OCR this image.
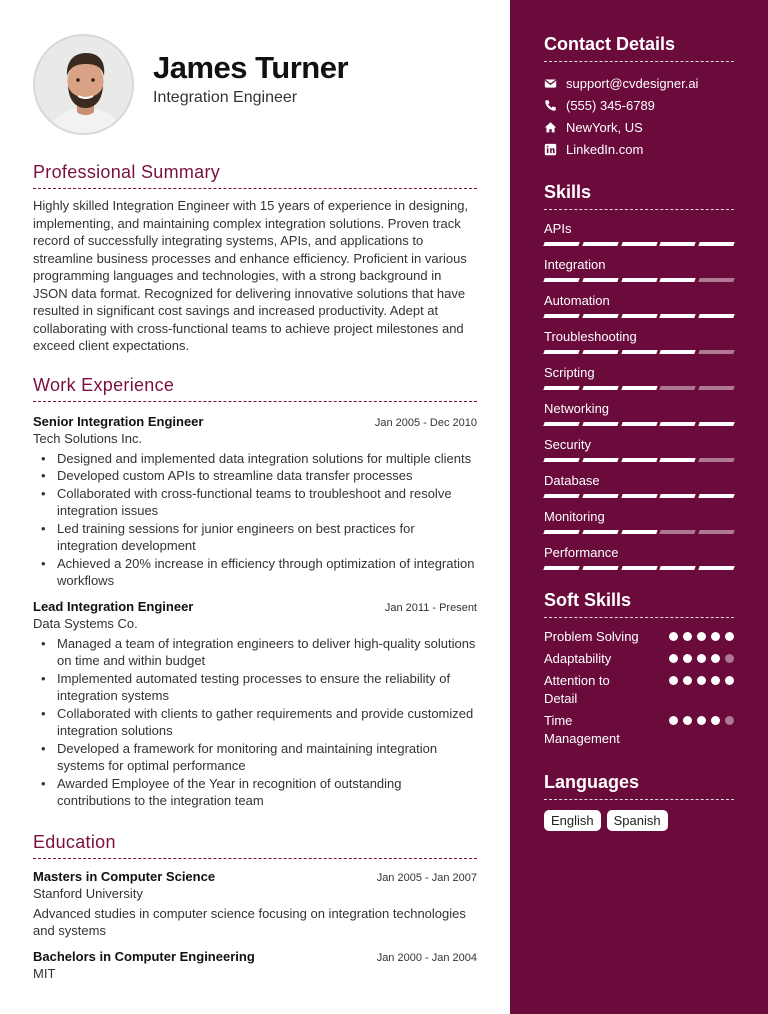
James Turner
Integration Engineer
Professional Summary

Highly skilled Integration Engineer with 15 years of experience in designing, implementing, and maintaining complex integration solutions. Proven track record of successfully integrating systems, APIs, and applications to streamline business processes and enhance efficiency. Proficient in various programming languages and technologies, with a strong background in JSON data format. Recognized for delivering innovative solutions that have resulted in significant cost savings and increased productivity. Adept at collaborating with cross-functional teams to achieve project milestones and exceed client expectations.

Work Experience
Senior Integration Engineer	Jan 2005 - Dec 2010
Tech Solutions Inc.
• Designed and implemented data integration solutions for multiple clients
• Developed custom APIs to streamline data transfer processes
• Collaborated with cross-functional teams to troubleshoot and resolve integration issues
• Led training sessions for junior engineers on best practices for integration development
• Achieved a 20% increase in efficiency through optimization of integration workflows
Lead Integration Engineer	Jan 2011 - Present
Data Systems Co.
• Managed a team of integration engineers to deliver high-quality solutions on time and within budget
• Implemented automated testing processes to ensure the reliability of integration systems
• Collaborated with clients to gather requirements and provide customized integration solutions
• Developed a framework for monitoring and maintaining integration systems for optimal performance
• Awarded Employee of the Year in recognition of outstanding contributions to the integration team
Education
Masters in Computer Science	Jan 2005 - Jan 2007
Stanford University

Advanced studies in computer science focusing on integration technologies and systems

Bachelors in Computer Engineering	Jan 2000 - Jan 2004
MIT
Contact Details
support@cvdesigner.ai
(555) 345-6789
NewYork, US
LinkedIn.com
Skills
APIs
Integration
Automation
Troubleshooting
Scripting
Networking
Security
Database
Monitoring
Performance
Soft Skills
Problem Solving
Adaptability
Attention to Detail
Time Management
Languages
English	Spanish
